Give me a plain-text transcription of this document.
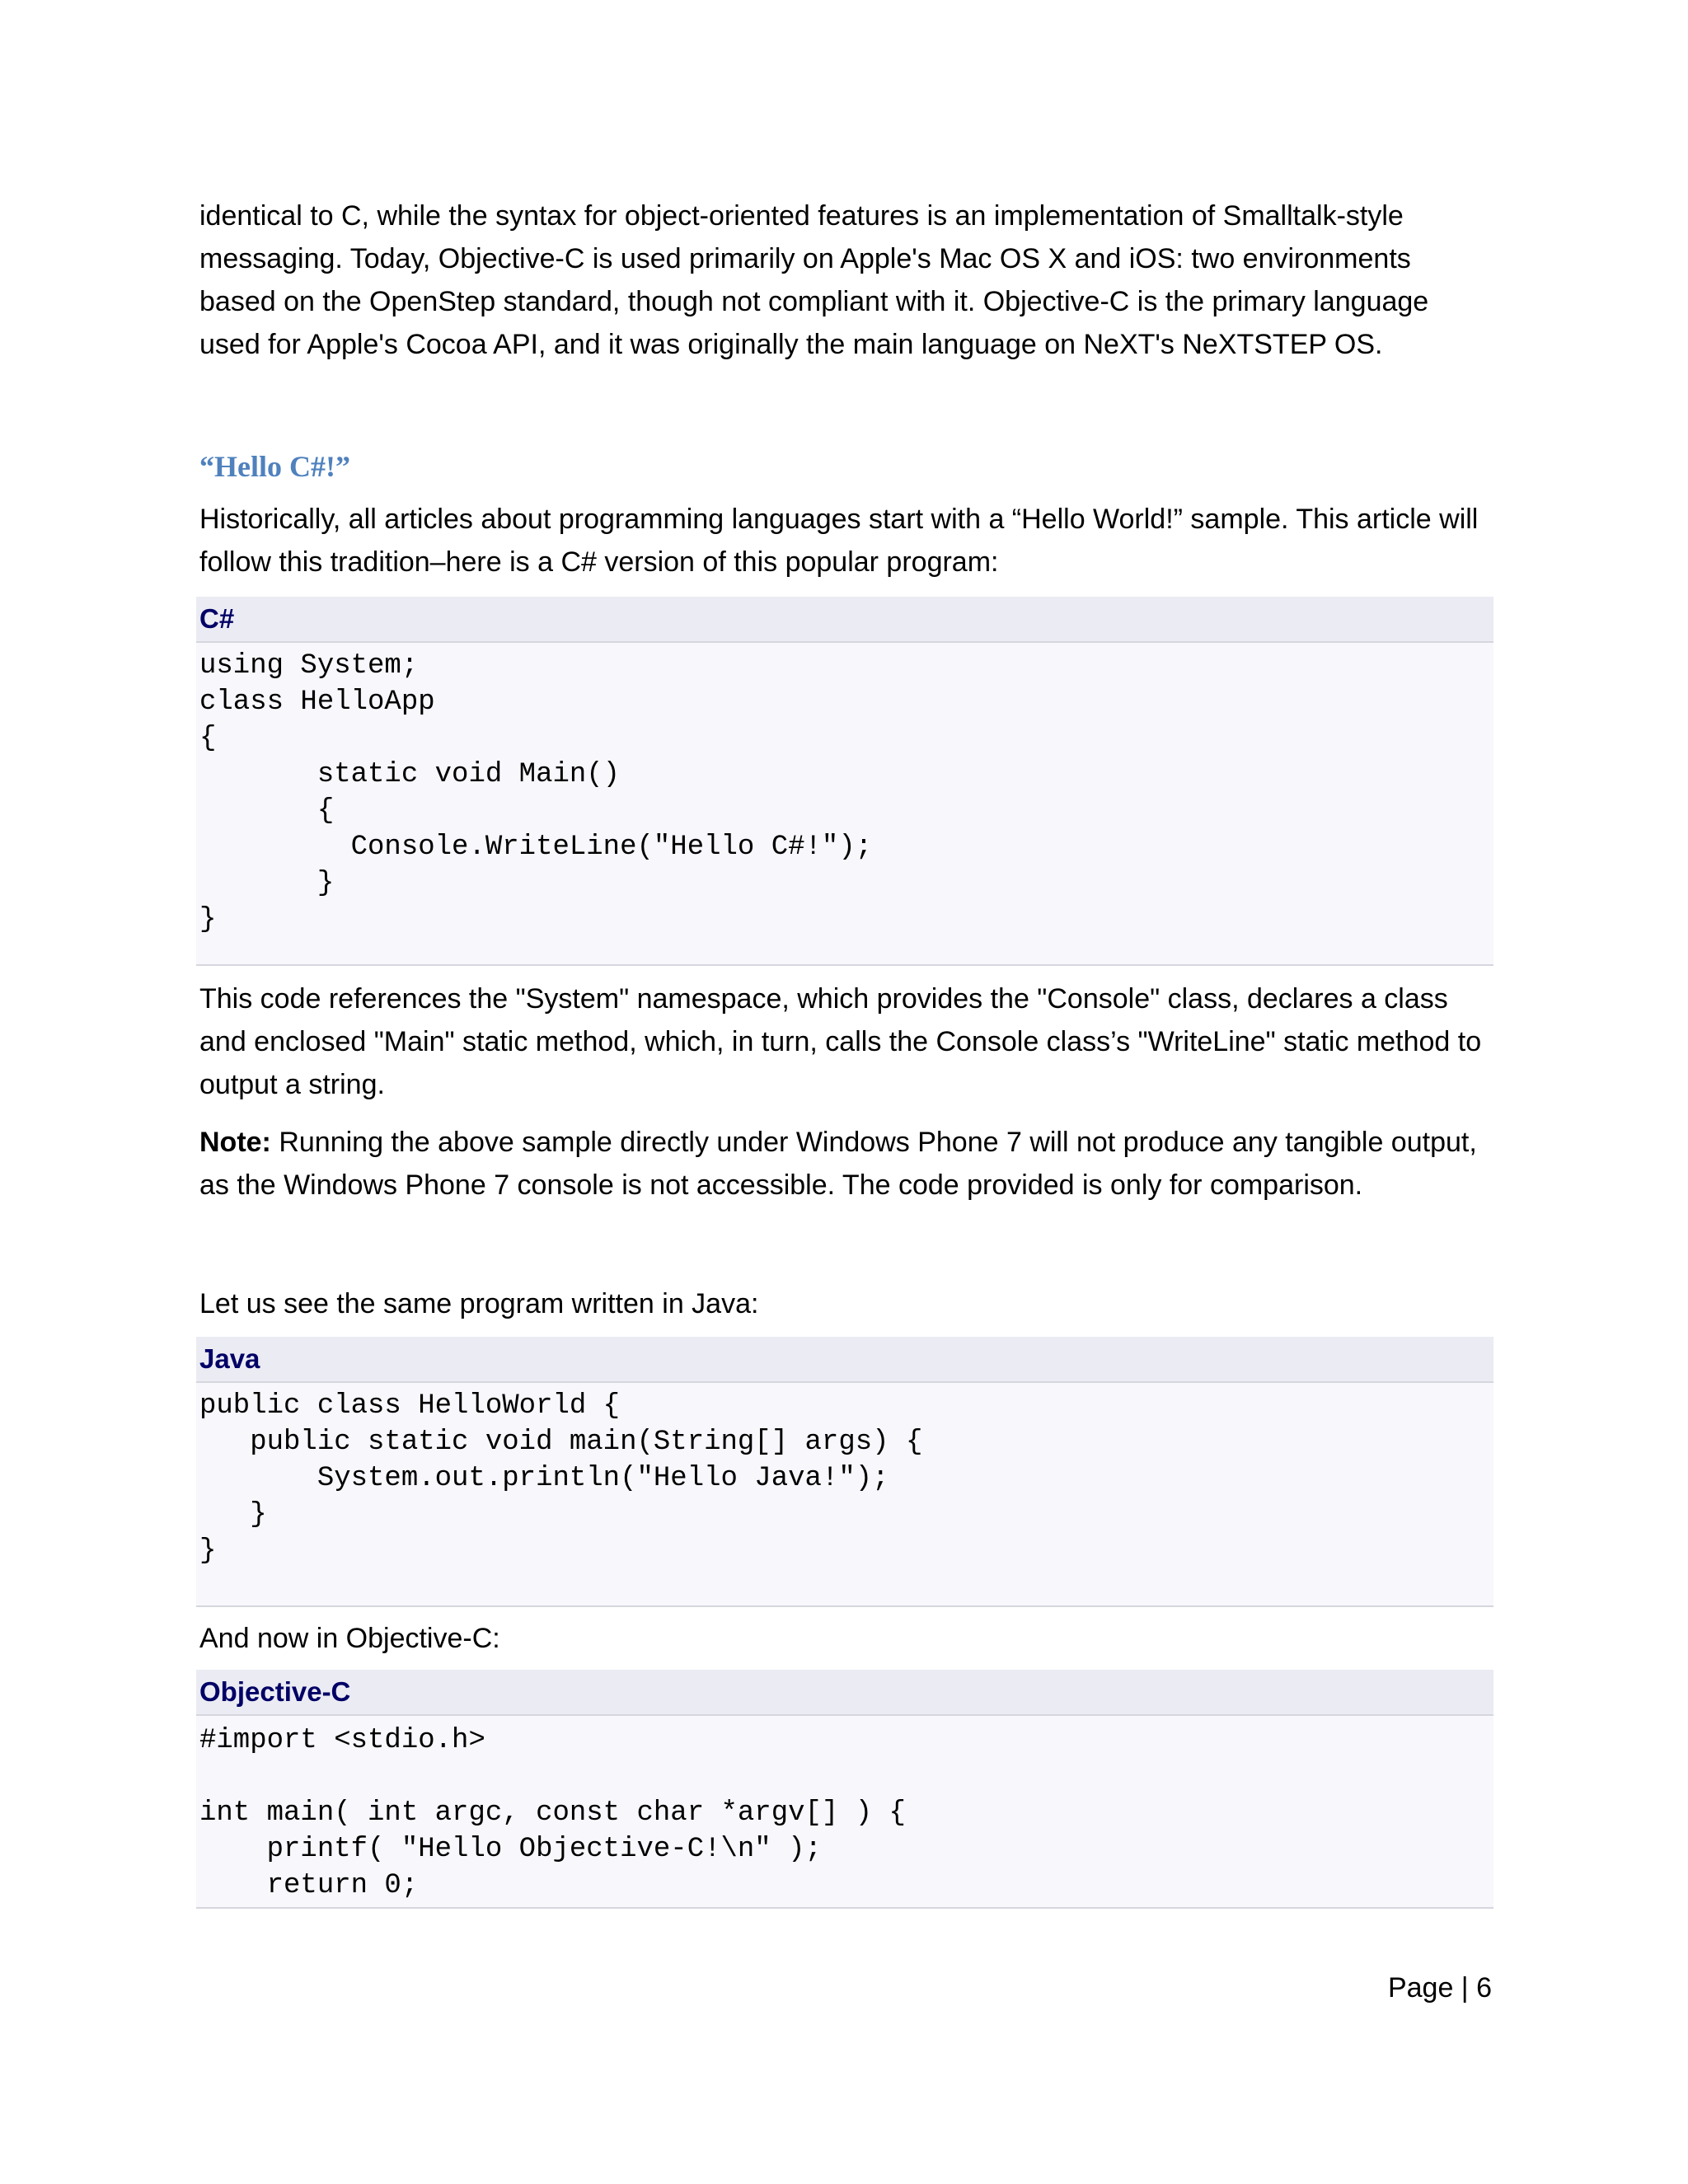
identical to C, while the syntax for object-oriented features is an implementation of Smalltalk-style messaging. Today, Objective-C is used primarily on Apple's Mac OS X and iOS: two environments based on the OpenStep standard, though not compliant with it. Objective-C is the primary language used for Apple's Cocoa API, and it was originally the main language on NeXT's NeXTSTEP OS.

“Hello C#!”

Historically, all articles about programming languages start with a “Hello World!” sample. This article will follow this tradition–here is a C# version of this popular program:

C#
using System;
class HelloApp
{
static void Main()
{
Console.WriteLine("Hello C#!");
}
}

This code references the "System" namespace, which provides the "Console" class, declares a class and enclosed "Main" static method, which, in turn, calls the Console class’s "WriteLine" static method to output a string.

Note: Running the above sample directly under Windows Phone 7 will not produce any tangible output, as the Windows Phone 7 console is not accessible. The code provided is only for comparison.

Let us see the same program written in Java:

Java
public class HelloWorld {
public static void main(String[] args) {
System.out.println("Hello Java!");
}
}

And now in Objective-C:

Objective-C
#import <stdio.h>

int main( int argc, const char *argv[] ) {
printf( "Hello Objective-C!\n" );
return 0;
Page | 6
